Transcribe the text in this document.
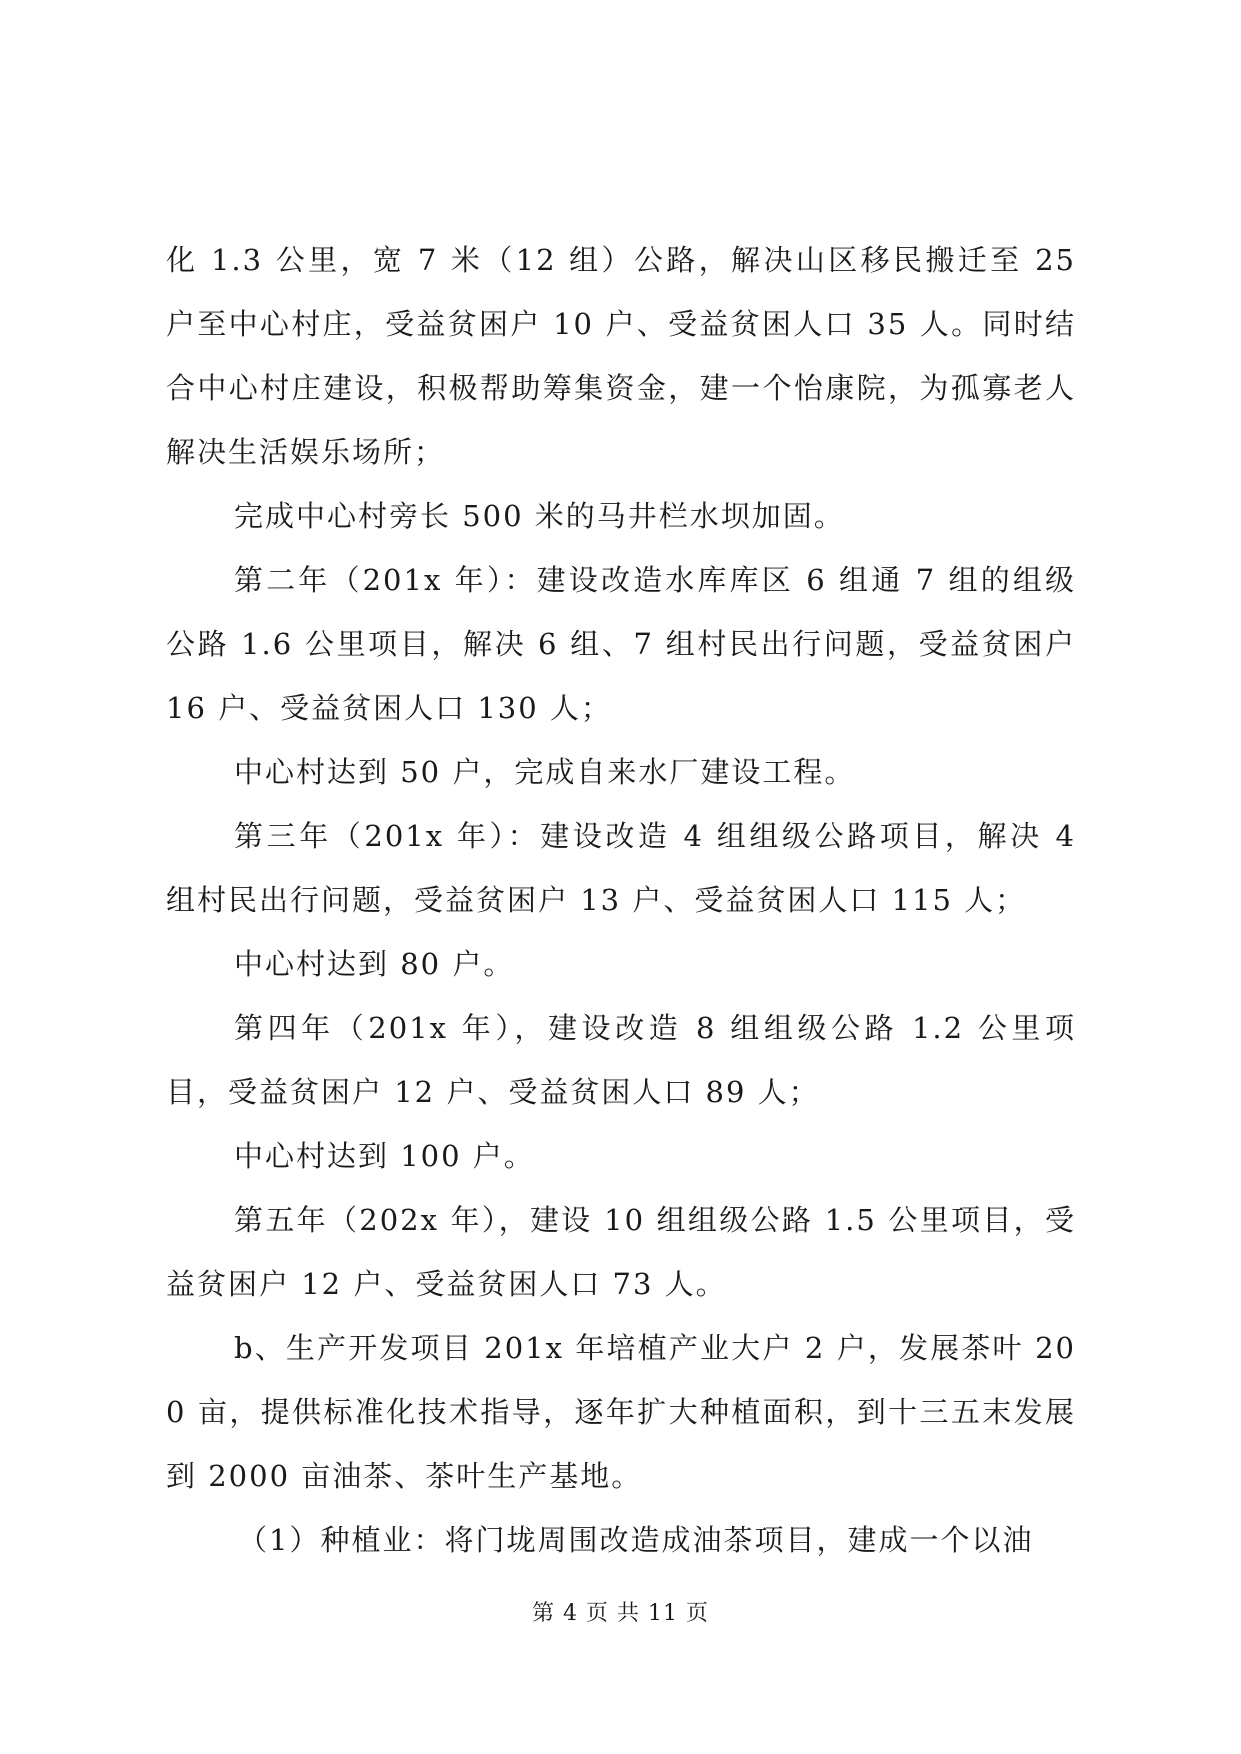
化 1.3 公里，宽 7 米（12 组）公路，解决山区移民搬迁至 25 户至中心村庄，受益贫困户 10 户、受益贫困人口 35 人。同时结合中心村庄建设，积极帮助筹集资金，建一个怡康院，为孤寡老人解决生活娱乐场所；

完成中心村旁长 500 米的马井栏水坝加固。

第二年（201x 年）：建设改造水库库区 6 组通 7 组的组级公路 1.6 公里项目，解决 6 组、7 组村民出行问题，受益贫困户 16 户、受益贫困人口 130 人；

中心村达到 50 户，完成自来水厂建设工程。

第三年（201x 年）：建设改造 4 组组级公路项目，解决 4 组村民出行问题，受益贫困户 13 户、受益贫困人口 115 人；

中心村达到 80 户。

第四年（201x 年），建设改造 8 组组级公路 1.2 公里项目，受益贫困户 12 户、受益贫困人口 89 人；

中心村达到 100 户。

第五年（202x 年），建设 10 组组级公路 1.5 公里项目，受益贫困户 12 户、受益贫困人口 73 人。

b、生产开发项目 201x 年培植产业大户 2 户，发展茶叶 200 亩，提供标准化技术指导，逐年扩大种植面积，到十三五末发展到 2000 亩油茶、茶叶生产基地。

（1）种植业：将门垅周围改造成油茶项目，建成一个以油

第 4 页 共 11 页
